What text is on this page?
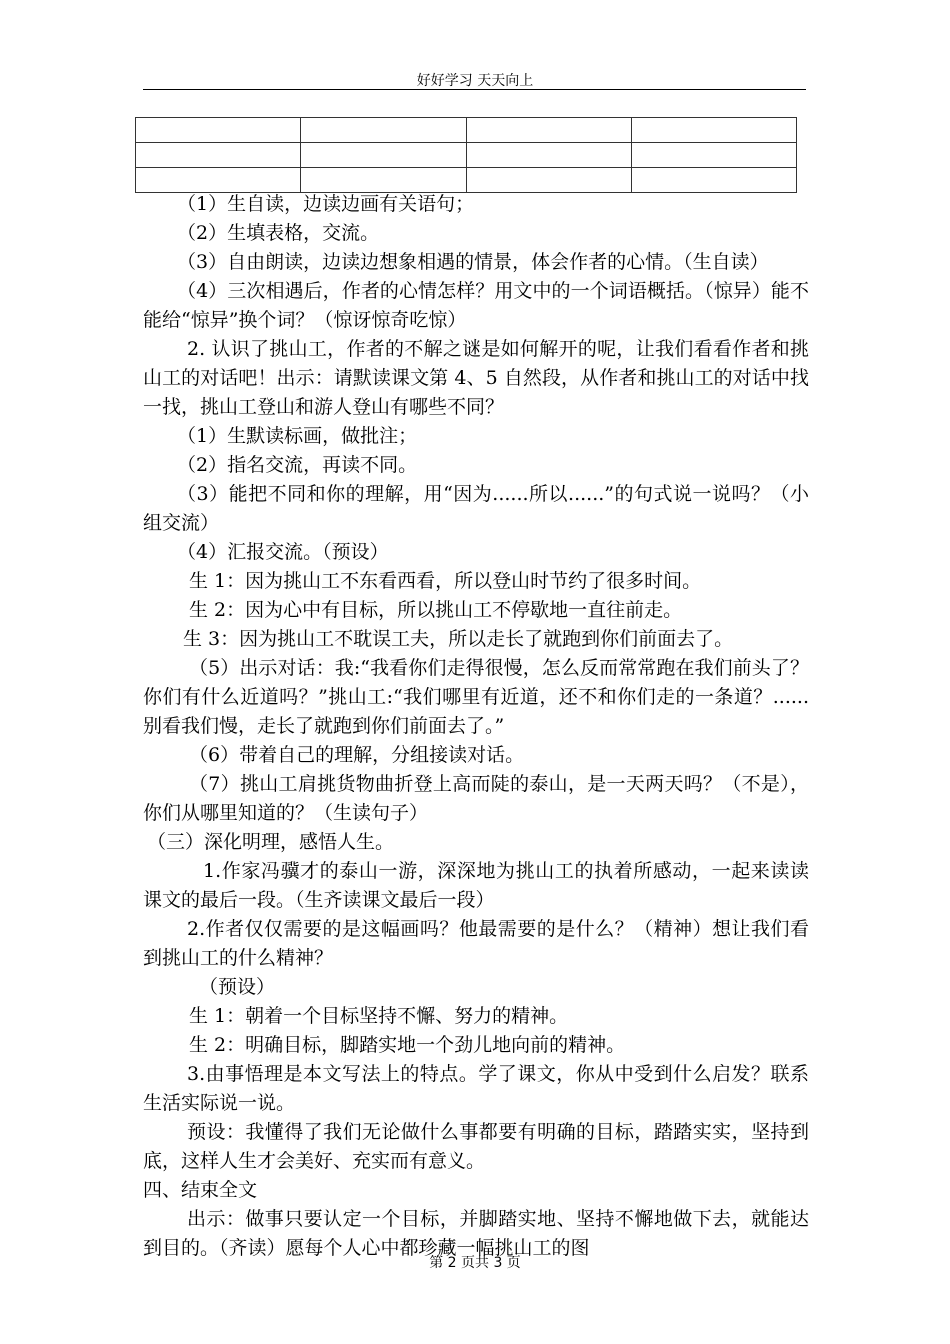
好好学习 天天向上

（1）生自读，边读边画有关语句；

（2）生填表格，交流。

（3）自由朗读，边读边想象相遇的情景，体会作者的心情。（生自读）

（4）三次相遇后，作者的心情怎样？用文中的一个词语概括。（惊异）能不能给“惊异”换个词？（惊讶惊奇吃惊）

2. 认识了挑山工，作者的不解之谜是如何解开的呢，让我们看看作者和挑山工的对话吧！出示：请默读课文第 4、5 自然段，从作者和挑山工的对话中找一找，挑山工登山和游人登山有哪些不同？

（1）生默读标画，做批注；

（2）指名交流，再读不同。

（3）能把不同和你的理解，用“因为......所以......”的句式说一说吗？（小组交流）

（4）汇报交流。（预设）

生 1：因为挑山工不东看西看，所以登山时节约了很多时间。

生 2：因为心中有目标，所以挑山工不停歇地一直往前走。

生 3：因为挑山工不耽误工夫，所以走长了就跑到你们前面去了。

（5）出示对话：我:“我看你们走得很慢，怎么反而常常跑在我们前头了？你们有什么近道吗？”挑山工:“我们哪里有近道，还不和你们走的一条道？......别看我们慢，走长了就跑到你们前面去了。”

（6）带着自己的理解，分组接读对话。

（7）挑山工肩挑货物曲折登上高而陡的泰山，是一天两天吗？（不是），你们从哪里知道的？（生读句子）

（三）深化明理，感悟人生。

1.作家冯骥才的泰山一游，深深地为挑山工的执着所感动，一起来读读课文的最后一段。（生齐读课文最后一段）

2.作者仅仅需要的是这幅画吗？他最需要的是什么？（精神）想让我们看到挑山工的什么精神？

（预设）

生 1：朝着一个目标坚持不懈、努力的精神。

生 2：明确目标，脚踏实地一个劲儿地向前的精神。

3.由事悟理是本文写法上的特点。学了课文，你从中受到什么启发？联系生活实际说一说。

预设：我懂得了我们无论做什么事都要有明确的目标，踏踏实实，坚持到底，这样人生才会美好、充实而有意义。

四、结束全文

出示：做事只要认定一个目标，并脚踏实地、坚持不懈地做下去，就能达到目的。（齐读）愿每个人心中都珍藏一幅挑山工的图

第 2 页共 3 页
